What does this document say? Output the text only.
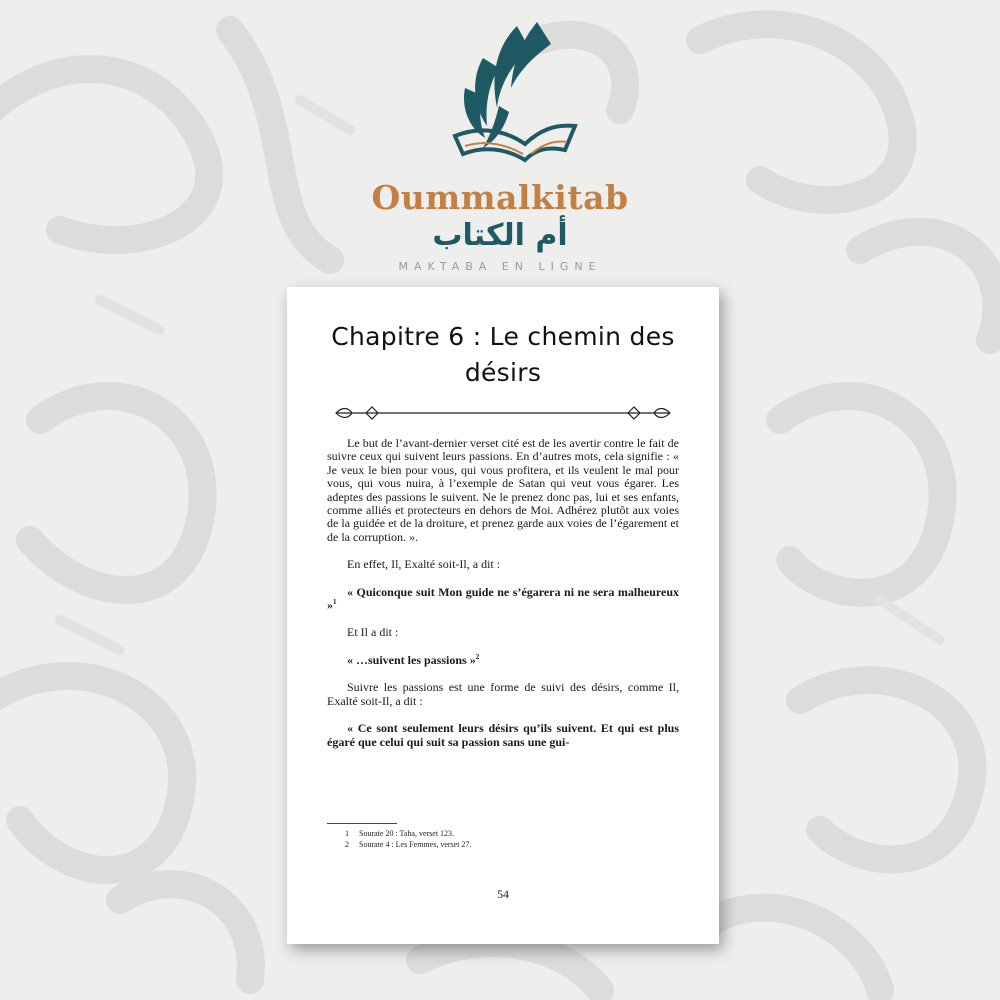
Oummalkitab
أم الكتاب
MAKTABA EN LIGNE
Chapitre 6 : Le chemin des désirs

Le but de l’avant-dernier verset cité est de les avertir contre le fait de suivre ceux qui suivent leurs passions. En d’autres mots, cela signifie : « Je veux le bien pour vous, qui vous profitera, et ils veulent le mal pour vous, qui vous nuira, à l’exemple de Satan qui veut vous égarer. Les adeptes des passions le suivent. Ne le prenez donc pas, lui et ses enfants, comme alliés et protecteurs en dehors de Moi. Adhérez plutôt aux voies de la guidée et de la droiture, et prenez garde aux voies de l’égarement et de la corruption. ».

En effet, Il, Exalté soit-Il, a dit :

« Quiconque suit Mon guide ne s’égarera ni ne sera malheureux »$^1$

Et Il a dit :

« …suivent les passions »$^2$

Suivre les passions est une forme de suivi des désirs, comme Il, Exalté soit-Il, a dit :

« Ce sont seulement leurs désirs qu’ils suivent. Et qui est plus égaré que celui qui suit sa passion sans une gui-

1 Sourate 20 : Taha, verset 123.
2 Sourate 4 : Les Femmes, verset 27.
54
